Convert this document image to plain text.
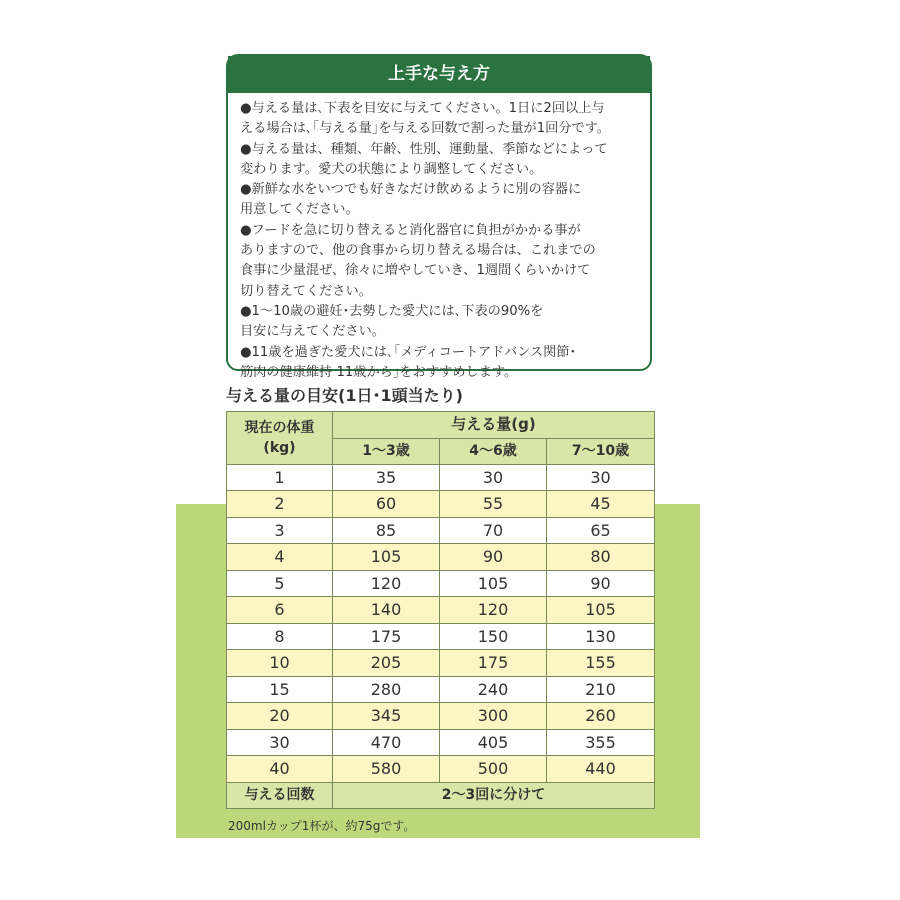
上手な与え方
●与える量は､下表を目安に与えてください。1日に2回以上与
える場合は､｢与える量｣を与える回数で割った量が1回分です。
●与える量は、種類、年齢、性別、運動量、季節などによって
変わります。愛犬の状態により調整してください。
●新鮮な水をいつでも好きなだけ飲めるように別の容器に
用意してください。
●フードを急に切り替えると消化器官に負担がかかる事が
ありますので、他の食事から切り替える場合は、これまでの
食事に少量混ぜ、徐々に増やしていき、1週間くらいかけて
切り替えてください。
●1～10歳の避妊･去勢した愛犬には､下表の90%を
目安に与えてください。
●11歳を過ぎた愛犬には､｢メディコートアドバンス関節･
筋肉の健康維持 11歳から｣をおすすめします。
与える量の目安(1日･1頭当たり)
現在の体重
(kg)	与える量(g)		
	1～3歳	4～6歳	7～10歳
1	35	30	30
2	60	55	45
3	85	70	65
4	105	90	80
5	120	105	90
6	140	120	105
8	175	150	130
10	205	175	155
15	280	240	210
20	345	300	260
30	470	405	355
40	580	500	440
与える回数	2～3回に分けて		
200mlカップ1杯が、約75gです。
